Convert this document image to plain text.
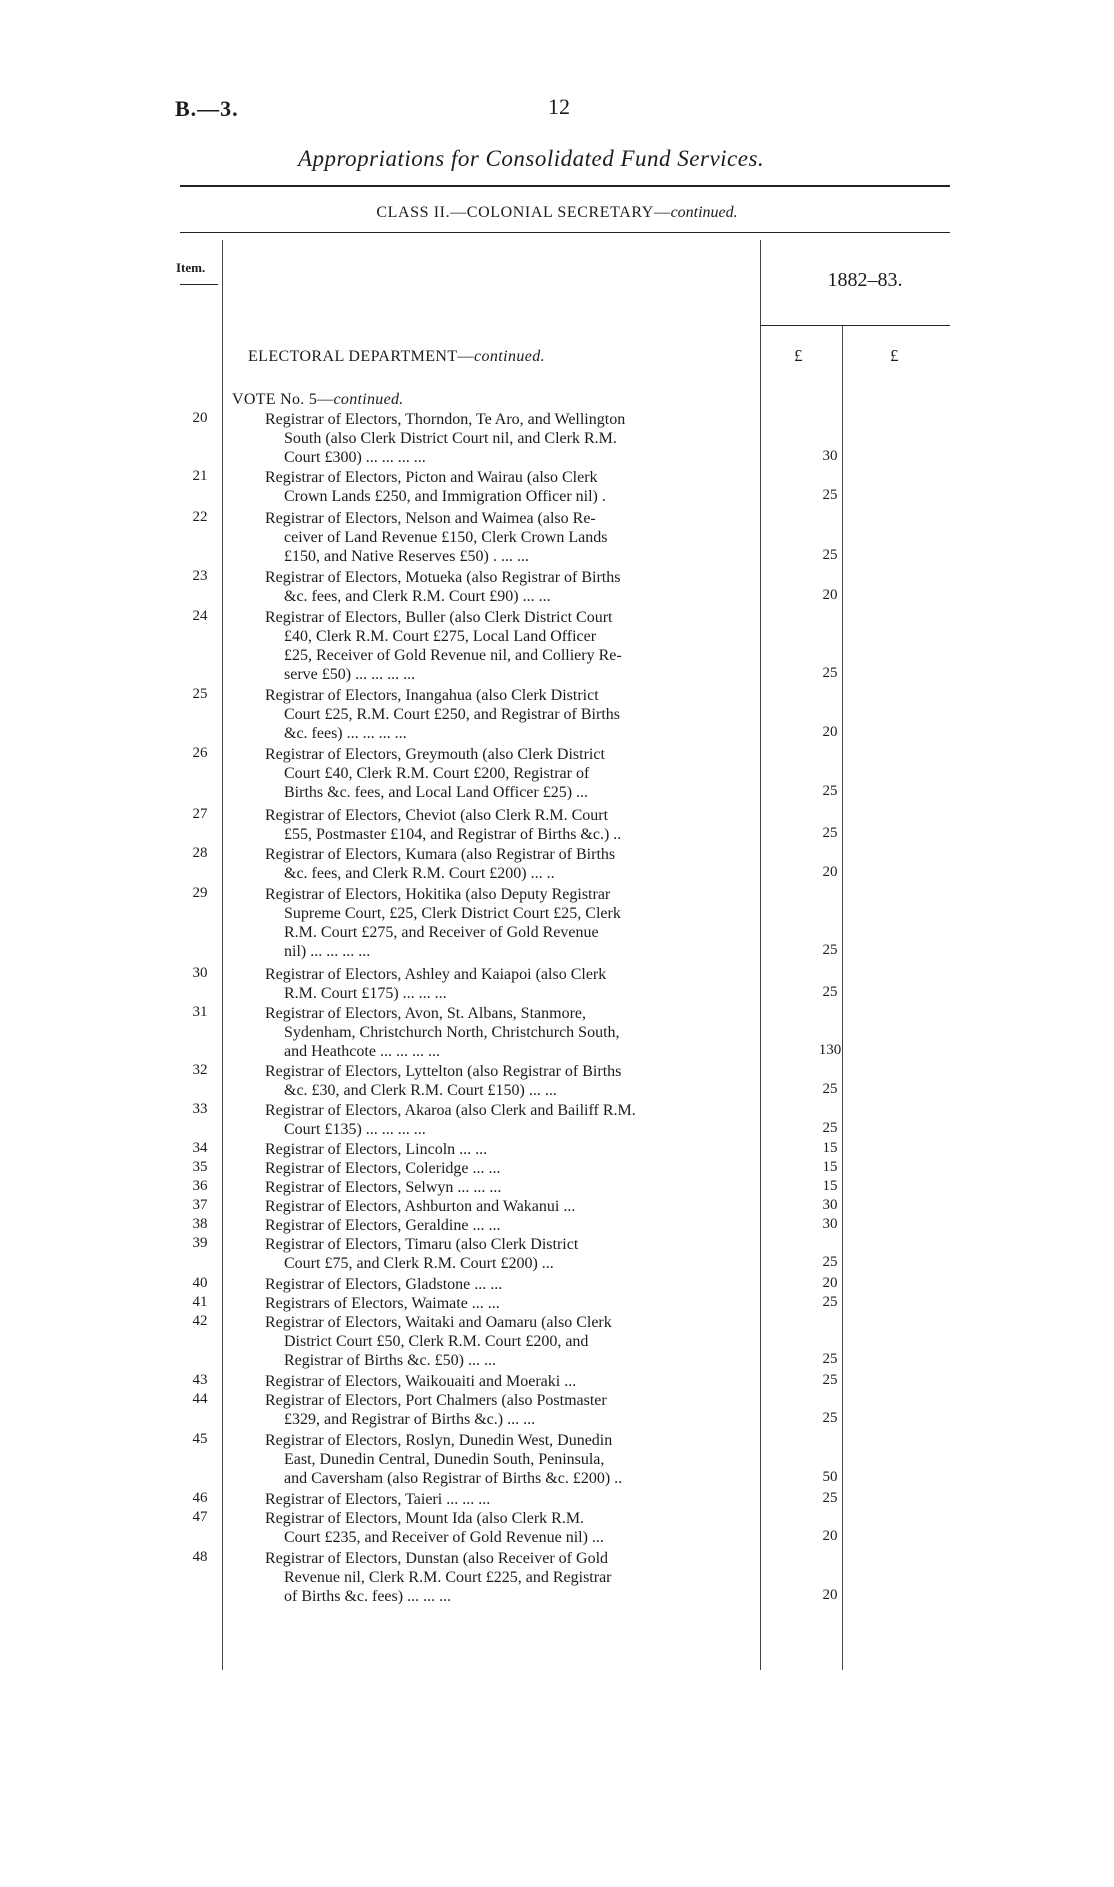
B.—3.	12
Appropriations for Consolidated Fund Services.
CLASS II.—COLONIAL SECRETARY—continued.
Item.
1882–83.
£	£
ELECTORAL DEPARTMENT—continued.
VOTE No. 5—continued.
20	Registrar of Electors, Thorndon, Te Aro, and Wellington
South (also Clerk District Court nil, and Clerk R.M.
Court £300) ... ... ... ...	30
21	Registrar of Electors, Picton and Wairau (also Clerk
Crown Lands £250, and Immigration Officer nil) .	25
22	Registrar of Electors, Nelson and Waimea (also Re-
ceiver of Land Revenue £150, Clerk Crown Lands
£150, and Native Reserves £50) . ... ...	25
23	Registrar of Electors, Motueka (also Registrar of Births
&c. fees, and Clerk R.M. Court £90) ... ...	20
24	Registrar of Electors, Buller (also Clerk District Court
£40, Clerk R.M. Court £275, Local Land Officer
£25, Receiver of Gold Revenue nil, and Colliery Re-
serve £50) ... ... ... ...	25
25	Registrar of Electors, Inangahua (also Clerk District
Court £25, R.M. Court £250, and Registrar of Births
&c. fees) ... ... ... ...	20
26	Registrar of Electors, Greymouth (also Clerk District
Court £40, Clerk R.M. Court £200, Registrar of
Births &c. fees, and Local Land Officer £25) ...	25
27	Registrar of Electors, Cheviot (also Clerk R.M. Court
£55, Postmaster £104, and Registrar of Births &c.) ..	25
28	Registrar of Electors, Kumara (also Registrar of Births
&c. fees, and Clerk R.M. Court £200) ... ..	20
29	Registrar of Electors, Hokitika (also Deputy Registrar
Supreme Court, £25, Clerk District Court £25, Clerk
R.M. Court £275, and Receiver of Gold Revenue
nil) ... ... ... ...	25
30	Registrar of Electors, Ashley and Kaiapoi (also Clerk
R.M. Court £175) ... ... ...	25
31	Registrar of Electors, Avon, St. Albans, Stanmore,
Sydenham, Christchurch North, Christchurch South,
and Heathcote ... ... ... ...	130
32	Registrar of Electors, Lyttelton (also Registrar of Births
&c. £30, and Clerk R.M. Court £150) ... ...	25
33	Registrar of Electors, Akaroa (also Clerk and Bailiff R.M.
Court £135) ... ... ... ...	25
34	Registrar of Electors, Lincoln ... ...	15
35	Registrar of Electors, Coleridge ... ...	15
36	Registrar of Electors, Selwyn ... ... ...	15
37	Registrar of Electors, Ashburton and Wakanui ...	30
38	Registrar of Electors, Geraldine ... ...	30
39	Registrar of Electors, Timaru (also Clerk District
Court £75, and Clerk R.M. Court £200) ...	25
40	Registrar of Electors, Gladstone ... ...	20
41	Registrars of Electors, Waimate ... ...	25
42	Registrar of Electors, Waitaki and Oamaru (also Clerk
District Court £50, Clerk R.M. Court £200, and
Registrar of Births &c. £50) ... ...	25
43	Registrar of Electors, Waikouaiti and Moeraki ...	25
44	Registrar of Electors, Port Chalmers (also Postmaster
£329, and Registrar of Births &c.) ... ...	25
45	Registrar of Electors, Roslyn, Dunedin West, Dunedin
East, Dunedin Central, Dunedin South, Peninsula,
and Caversham (also Registrar of Births &c. £200) ..	50
46	Registrar of Electors, Taieri ... ... ...	25
47	Registrar of Electors, Mount Ida (also Clerk R.M.
Court £235, and Receiver of Gold Revenue nil) ...	20
48	Registrar of Electors, Dunstan (also Receiver of Gold
Revenue nil, Clerk R.M. Court £225, and Registrar
of Births &c. fees) ... ... ...	20
